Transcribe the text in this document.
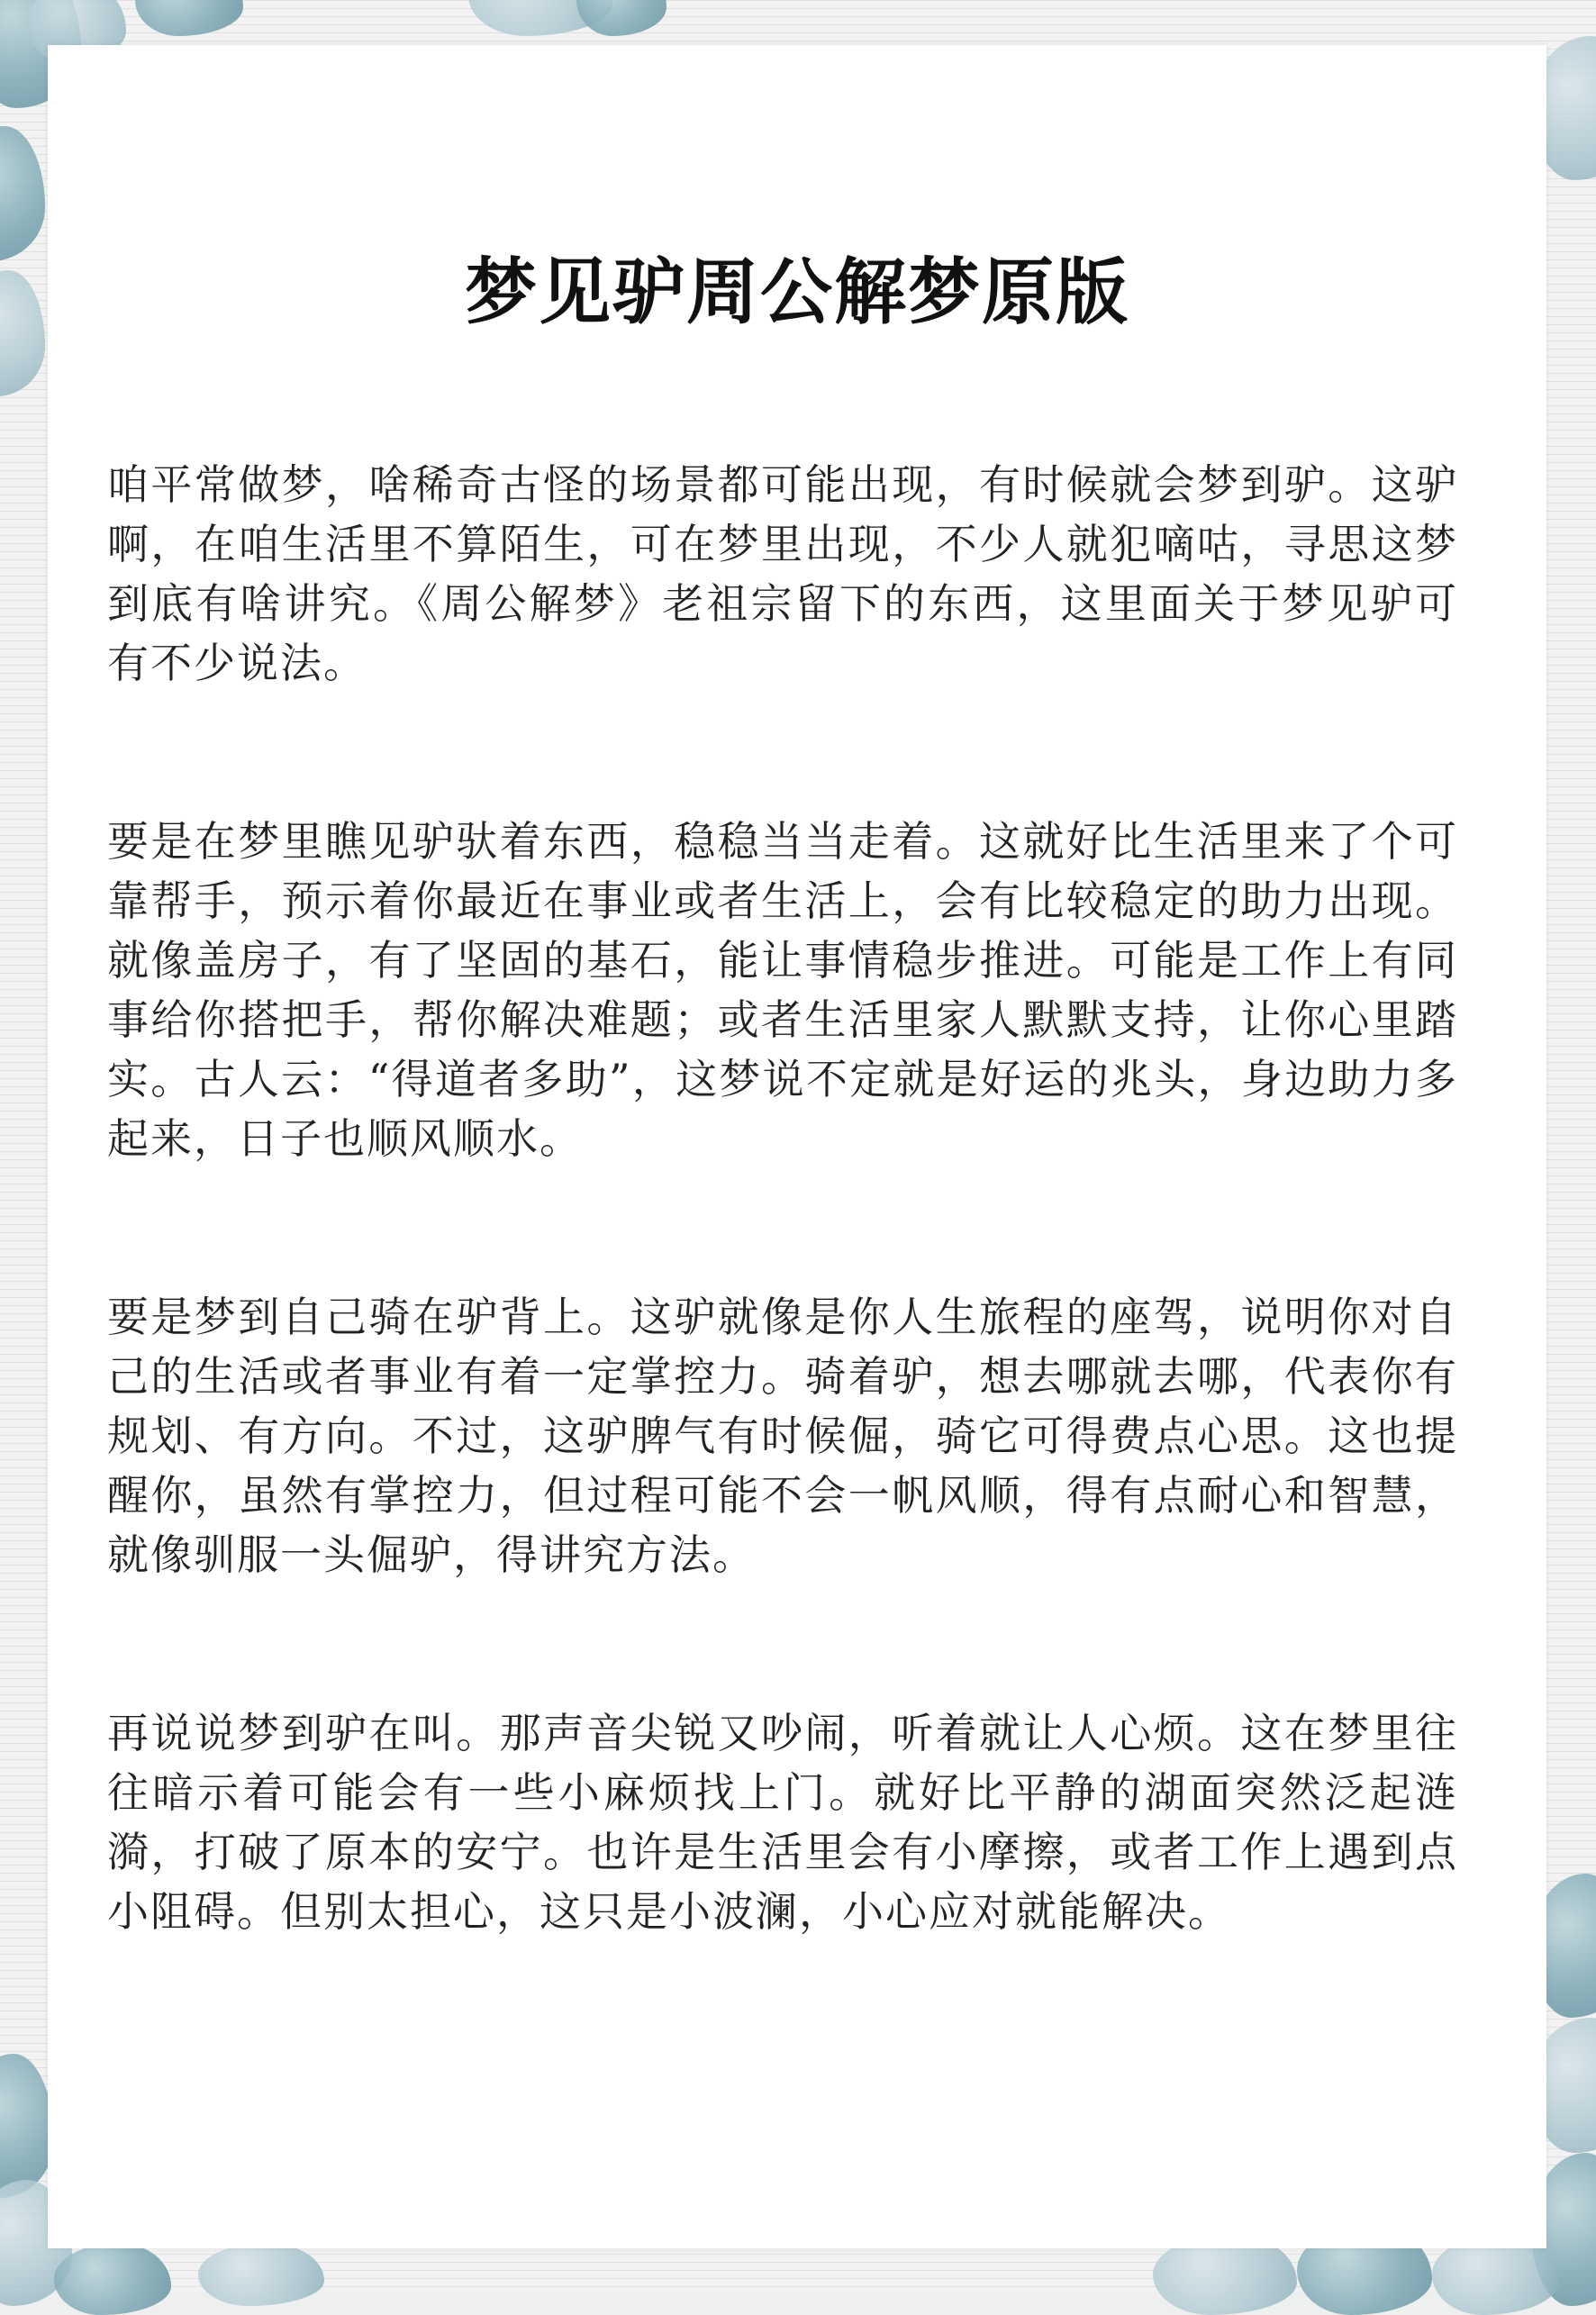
梦见驴周公解梦原版

咱平常做梦，啥稀奇古怪的场景都可能出现，有时候就会梦到驴。这驴啊，在咱生活里不算陌生，可在梦里出现，不少人就犯嘀咕，寻思这梦到底有啥讲究。《周公解梦》老祖宗留下的东西，这里面关于梦见驴可有不少说法。

要是在梦里瞧见驴驮着东西，稳稳当当走着。这就好比生活里来了个可靠帮手，预示着你最近在事业或者生活上，会有比较稳定的助力出现。就像盖房子，有了坚固的基石，能让事情稳步推进。可能是工作上有同事给你搭把手，帮你解决难题；或者生活里家人默默支持，让你心里踏实。古人云：“得道者多助”，这梦说不定就是好运的兆头，身边助力多起来，日子也顺风顺水。

要是梦到自己骑在驴背上。这驴就像是你人生旅程的座驾，说明你对自己的生活或者事业有着一定掌控力。骑着驴，想去哪就去哪，代表你有规划、有方向。不过，这驴脾气有时候倔，骑它可得费点心思。这也提醒你，虽然有掌控力，但过程可能不会一帆风顺，得有点耐心和智慧，就像驯服一头倔驴，得讲究方法。

再说说梦到驴在叫。那声音尖锐又吵闹，听着就让人心烦。这在梦里往往暗示着可能会有一些小麻烦找上门。就好比平静的湖面突然泛起涟漪，打破了原本的安宁。也许是生活里会有小摩擦，或者工作上遇到点小阻碍。但别太担心，这只是小波澜，小心应对就能解决。
